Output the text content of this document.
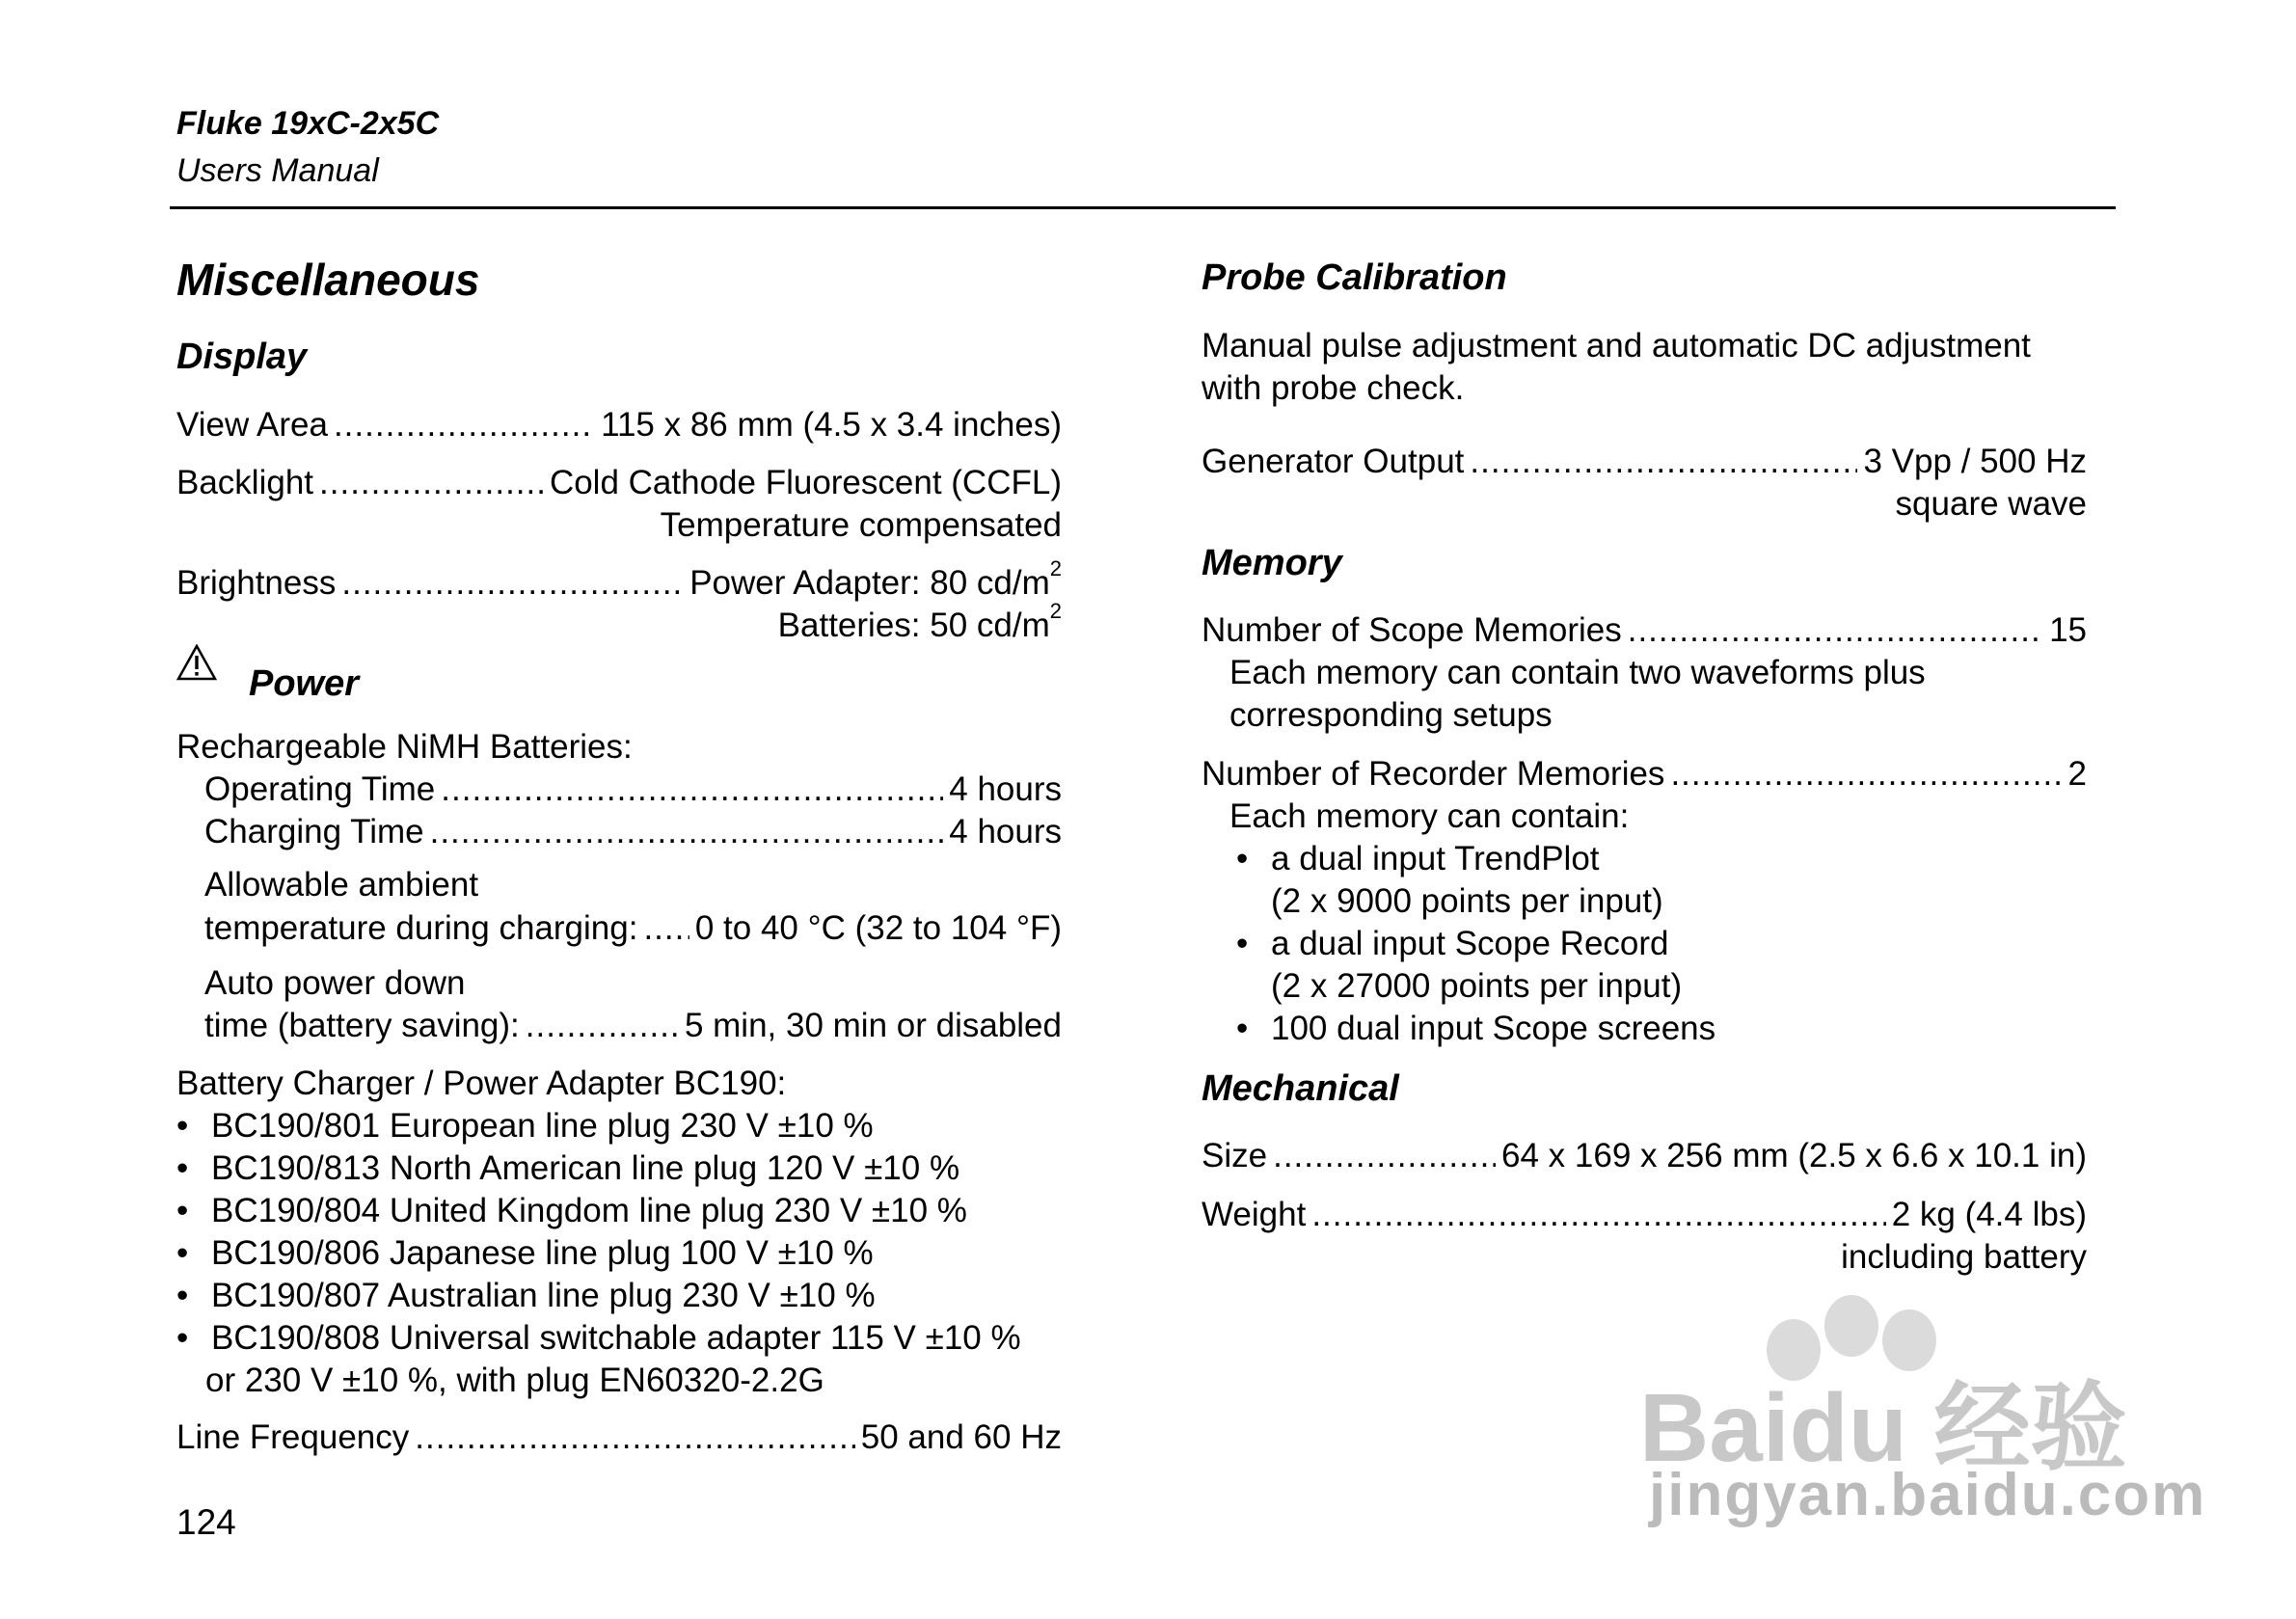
Fluke 19xC-2x5C
Users Manual
Miscellaneous
Display
View Area .....	115 x 86 mm (4.5 x 3.4 inches)
Backlight .....	Cold Cathode Fluorescent (CCFL)
Temperature compensated
Brightness .....	Power Adapter: 80 $cd/m^2$
Batteries: 50 $cd/m^2$
Power
Rechargeable NiMH Batteries:
Operating Time .....	4 hours
Charging Time .....	4 hours
Allowable ambient
temperature during charging: ..... 0 to 40 °C (32 to 104 °F)
Auto power down
time (battery saving): .....	5 min, 30 min or disabled
Battery Charger / Power Adapter BC190:
• BC190/801 European line plug 230 V ±10 %
• BC190/813 North American line plug 120 V ±10 %
• BC190/804 United Kingdom line plug 230 V ±10 %
• BC190/806 Japanese line plug 100 V ±10 %
• BC190/807 Australian line plug 230 V ±10 %
• BC190/808 Universal switchable adapter 115 V ±10 %
or 230 V ±10 %, with plug EN60320-2.2G
Line Frequency .....	50 and 60 Hz
Probe Calibration
Manual pulse adjustment and automatic DC adjustment
with probe check.
Generator Output .....	3 Vpp / 500 Hz
square wave
Memory
Number of Scope Memories .....	15
Each memory can contain two waveforms plus
corresponding setups
Number of Recorder Memories .....	2
Each memory can contain:
• a dual input TrendPlot
(2 x 9000 points per input)
• a dual input Scope Record
(2 x 27000 points per input)
• 100 dual input Scope screens
Mechanical
Size .....	64 x 169 x 256 mm (2.5 x 6.6 x 10.1 in)
Weight .....	2 kg (4.4 lbs)
including battery
124
Baidu 经验
jingyan.baidu.com
